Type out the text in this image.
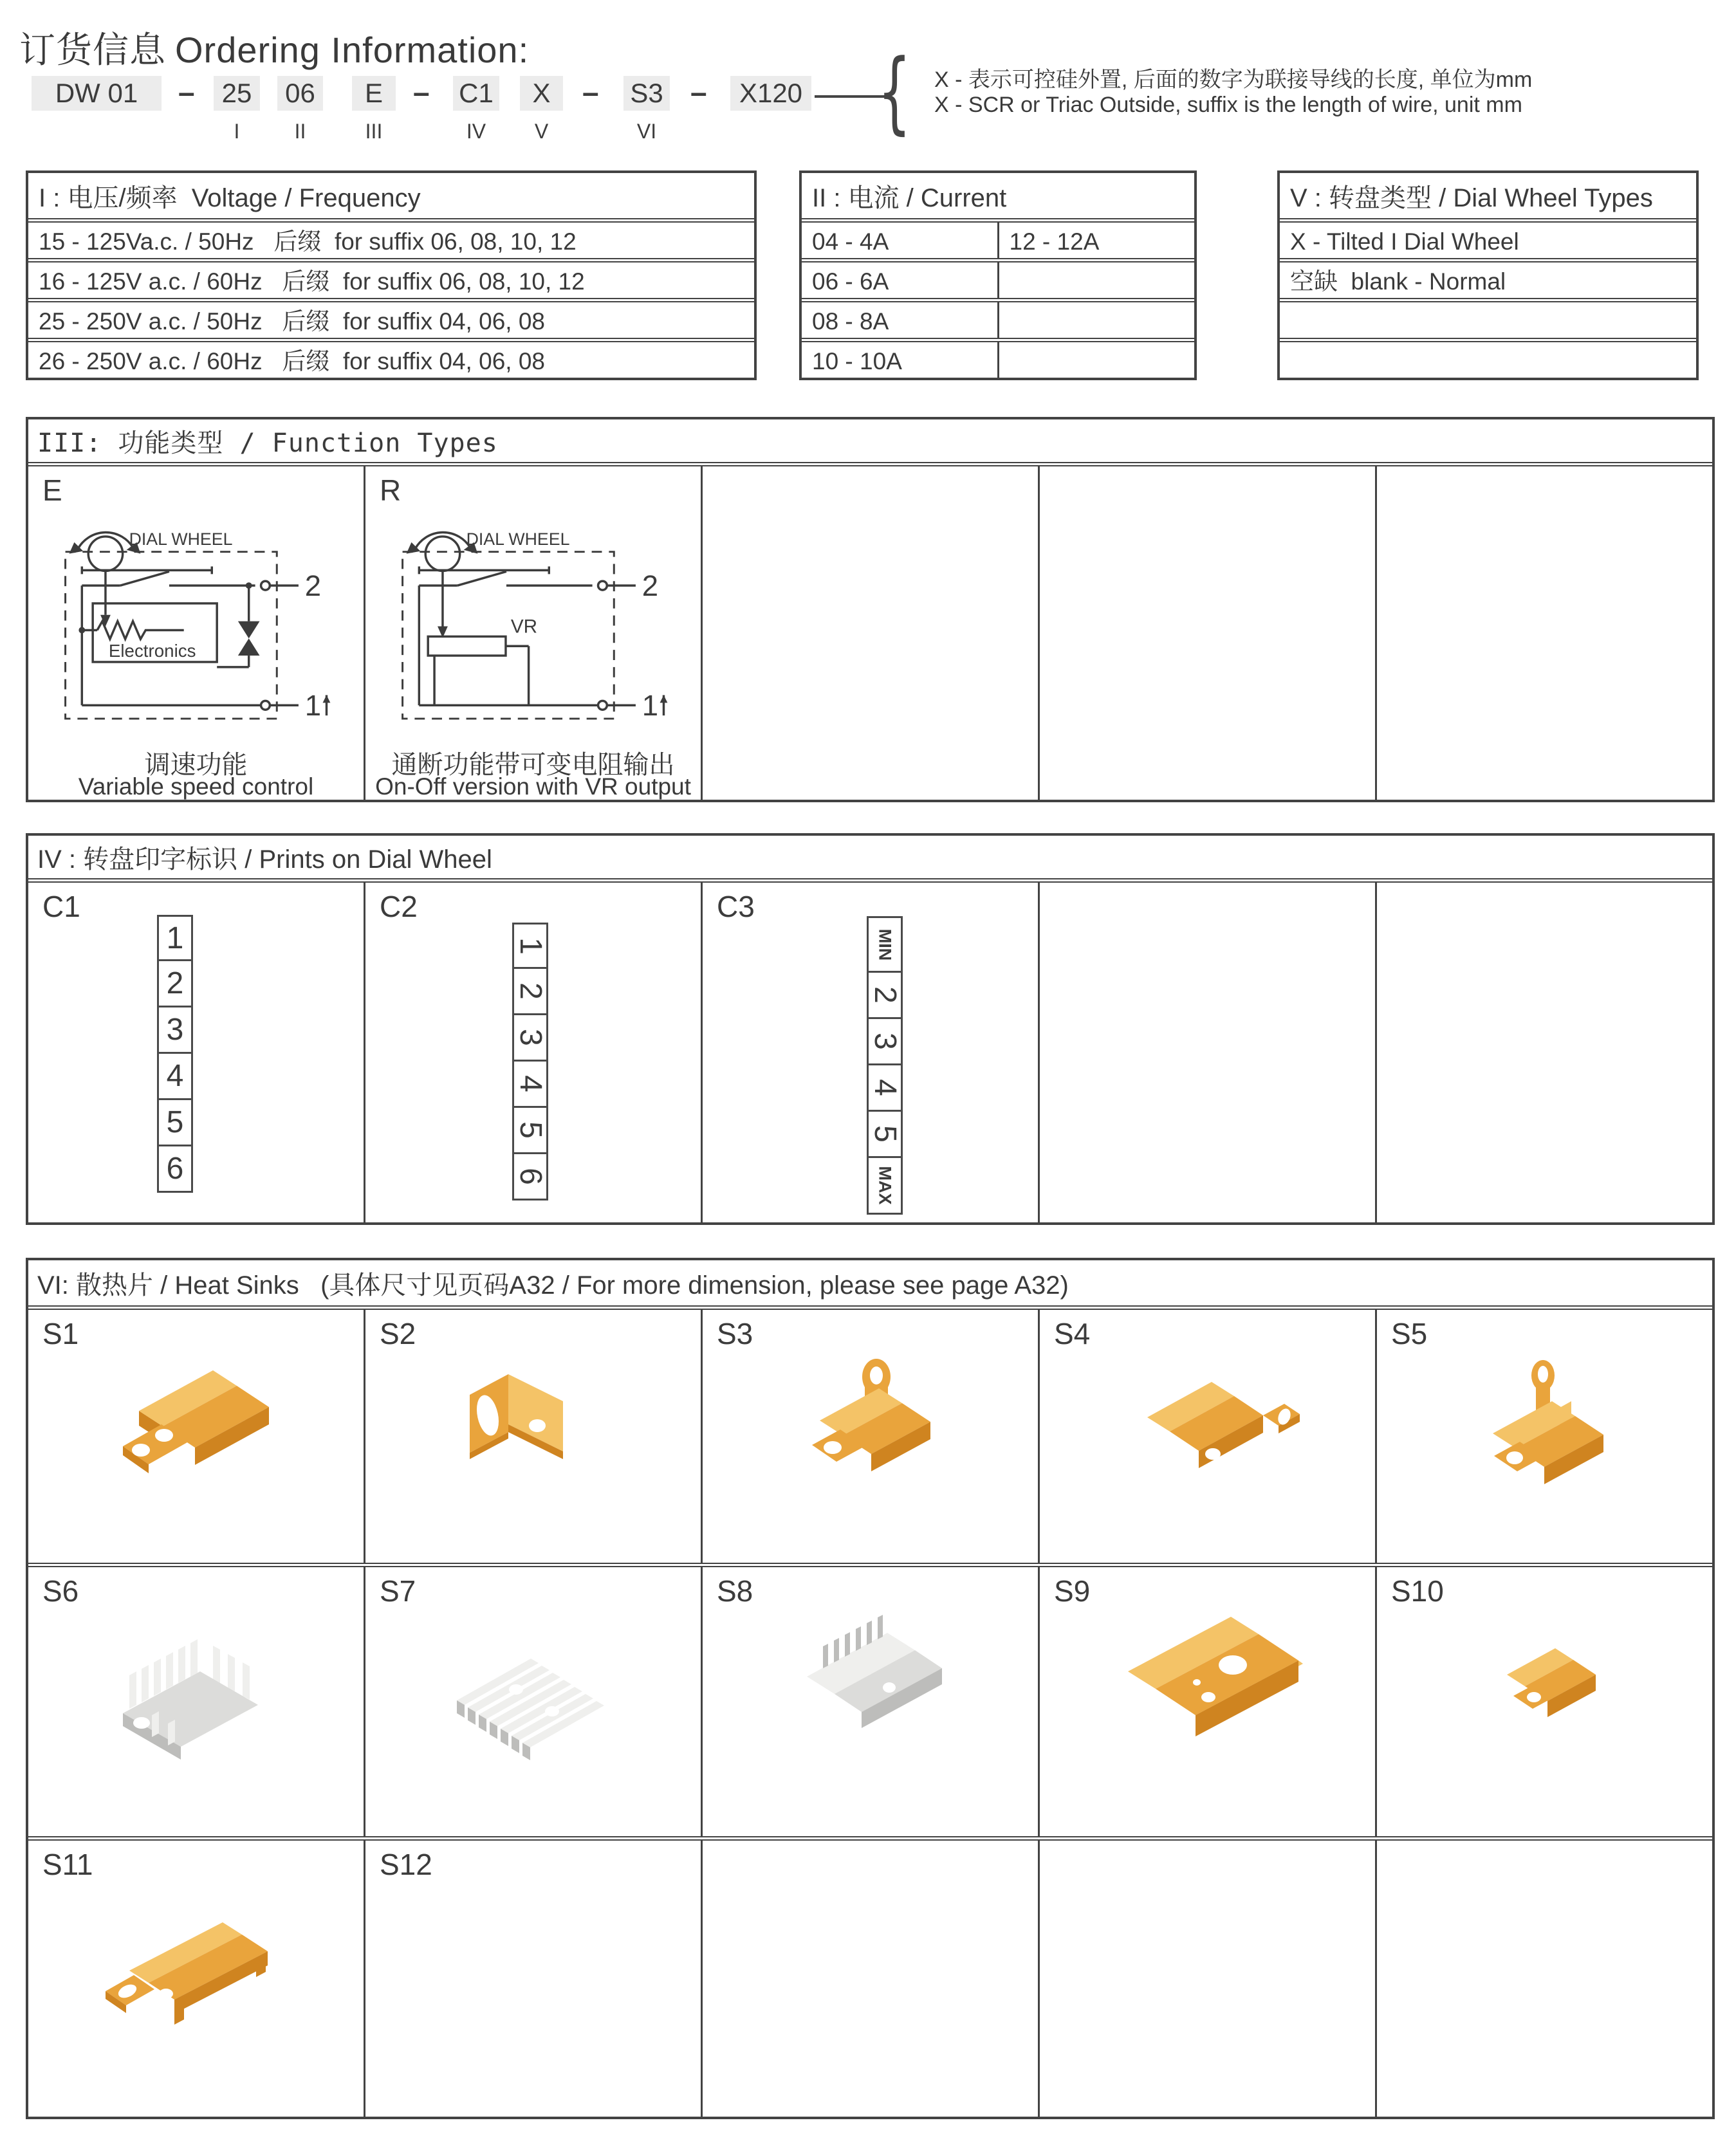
订货信息 Ordering Information:
DW 01	–	25
I
06
II
E
III
– C1
IV
X
V
– S3
VI
–	X120 { X - 表示可控硅外置, 后面的数字为联接导线的长度, 单位为mm
X - SCR or Triac Outside, suffix is the length of wire, unit mm
I : 电压/频率  Voltage / Frequency
15 - 125Va.c. / 50Hz   后缀  for suffix 06, 08, 10, 12
16 - 125V a.c. / 60Hz   后缀  for suffix 06, 08, 10, 12
25 - 250V a.c. / 50Hz   后缀  for suffix 04, 06, 08
26 - 250V a.c. / 60Hz   后缀  for suffix 04, 06, 08
II : 电流 / Current
04 - 4A	12 - 12A
06 - 6A
08 - 8A
10 - 10A
V : 转盘类型 / Dial Wheel Types
X - Tilted I Dial Wheel
空缺  blank - Normal
III: 功能类型 / Function Types
E
DIAL WHEEL
Electronics
2
1
调速功能
Variable speed control
R
DIAL WHEEL
VR
2
1
通断功能带可变电阻输出
On-Off version with VR output
IV : 转盘印字标识 / Prints on Dial Wheel
C1
1
2
3
4
5
6
C2
1
2
3
4
5
6
C3
MIN
2
3
4
5
MAX
VI: 散热片 / Heat Sinks   (具体尺寸见页码A32 / For more dimension, please see page A32)
S1	S2	S3	S4	S5
S6	S7	S8	S9	S10
S11	S12
